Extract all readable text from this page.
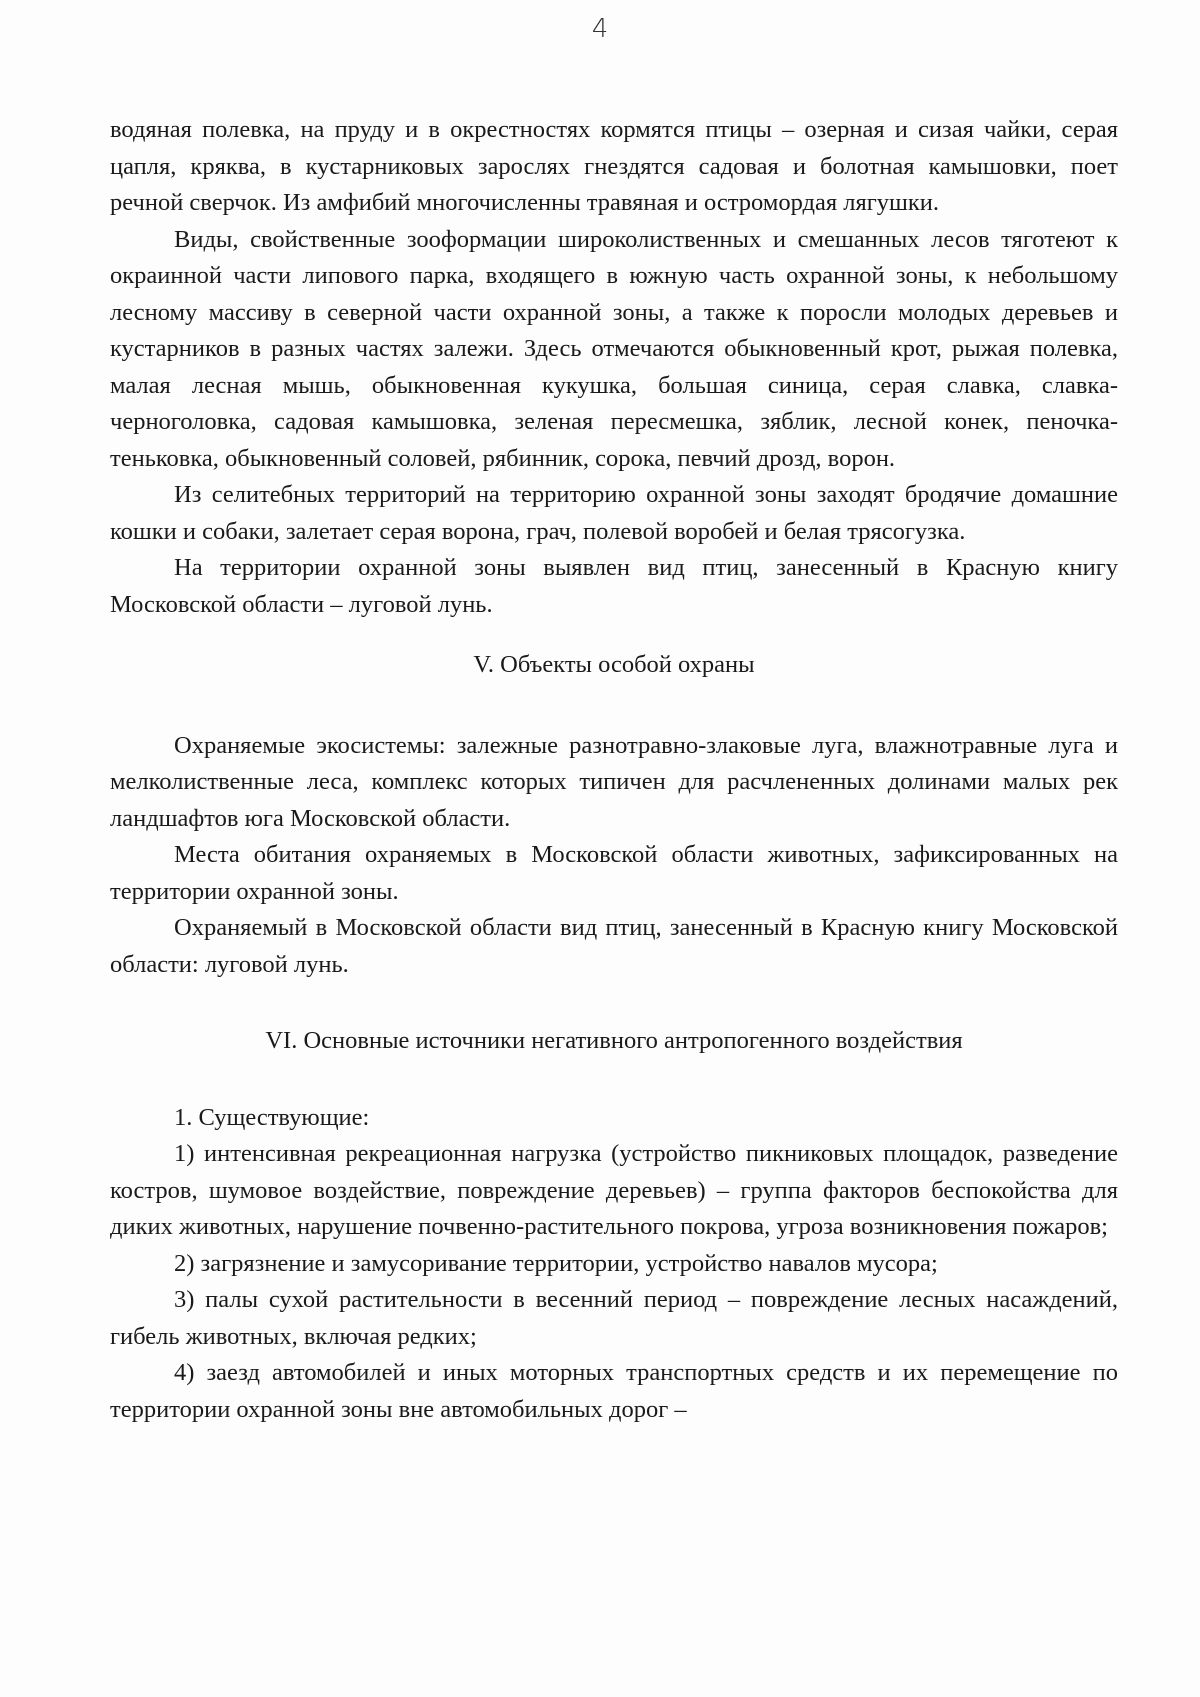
4

водяная полевка, на пруду и в окрестностях кормятся птицы – озерная и сизая чайки, серая цапля, кряква, в кустарниковых зарослях гнездятся садовая и болотная камышовки, поет речной сверчок. Из амфибий многочисленны травяная и остромордая лягушки.

Виды, свойственные зооформации широколиственных и смешанных лесов тяготеют к окраинной части липового парка, входящего в южную часть охранной зоны, к небольшому лесному массиву в северной части охранной зоны, а также к поросли молодых деревьев и кустарников в разных частях залежи. Здесь отмечаются обыкновенный крот, рыжая полевка, малая лесная мышь, обыкновенная кукушка, большая синица, серая славка, славка-черноголовка, садовая камышовка, зеленая пересмешка, зяблик, лесной конек, пеночка-теньковка, обыкновенный соловей, рябинник, сорока, певчий дрозд, ворон.

Из селитебных территорий на территорию охранной зоны заходят бродячие домашние кошки и собаки, залетает серая ворона, грач, полевой воробей и белая трясогузка.

На территории охранной зоны выявлен вид птиц, занесенный в Красную книгу Московской области – луговой лунь.

V. Объекты особой охраны

Охраняемые экосистемы: залежные разнотравно-злаковые луга, влажнотравные луга и мелколиственные леса, комплекс которых типичен для расчлененных долинами малых рек ландшафтов юга Московской области.

Места обитания охраняемых в Московской области животных, зафиксированных на территории охранной зоны.

Охраняемый в Московской области вид птиц, занесенный в Красную книгу Московской области: луговой лунь.

VI. Основные источники негативного антропогенного воздействия

1. Существующие:

1) интенсивная рекреационная нагрузка (устройство пикниковых площадок, разведение костров, шумовое воздействие, повреждение деревьев) – группа факторов беспокойства для диких животных, нарушение почвенно-растительного покрова, угроза возникновения пожаров;

2) загрязнение и замусоривание территории, устройство навалов мусора;

3) палы сухой растительности в весенний период – повреждение лесных насаждений, гибель животных, включая редких;

4) заезд автомобилей и иных моторных транспортных средств и их перемещение по территории охранной зоны вне автомобильных дорог –
